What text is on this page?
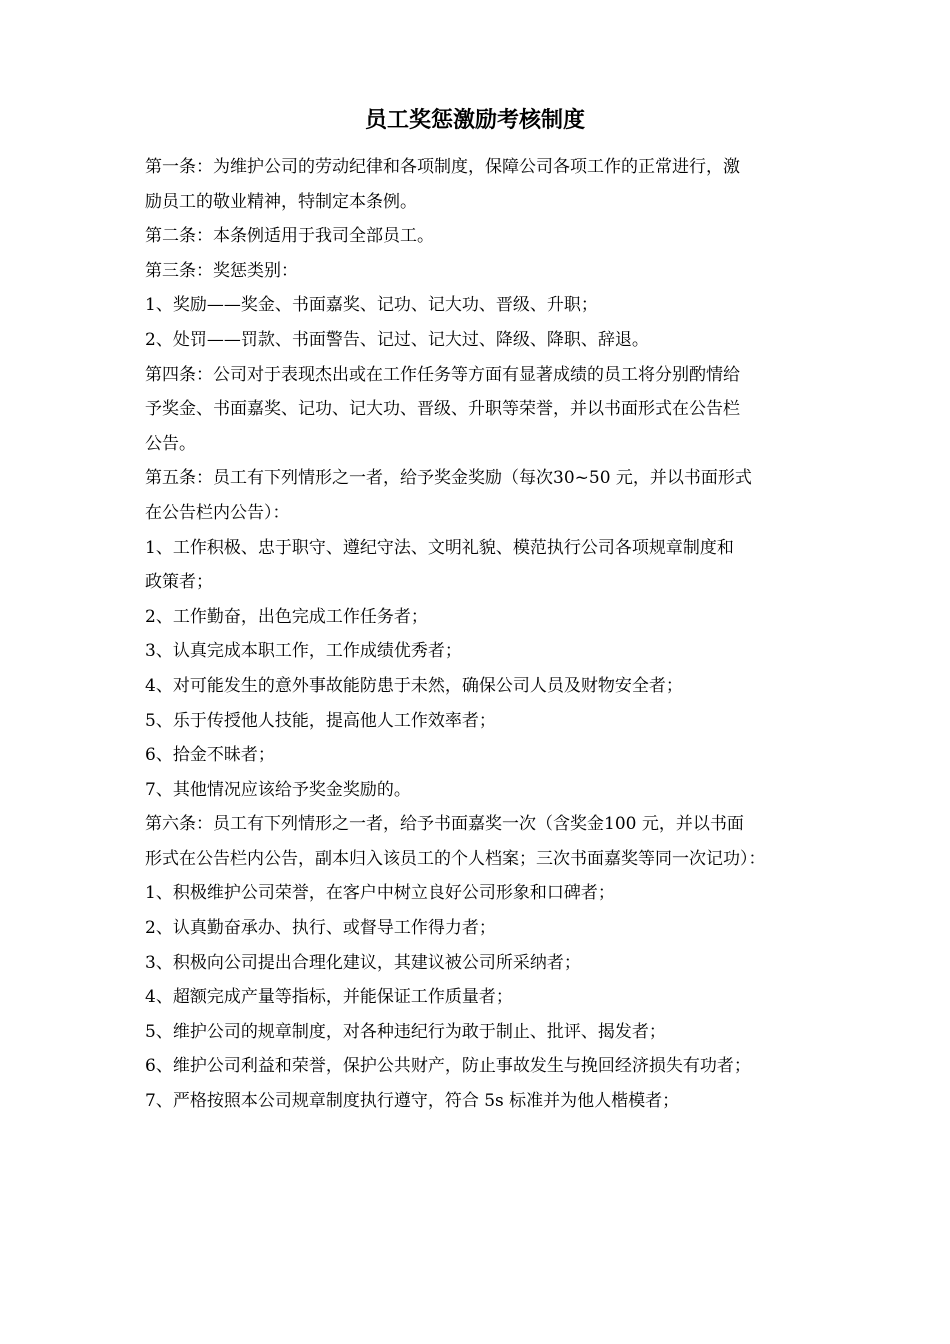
员工奖惩激励考核制度
第一条：为维护公司的劳动纪律和各项制度，保障公司各项工作的正常进行，激
励员工的敬业精神，特制定本条例。
第二条：本条例适用于我司全部员工。
第三条：奖惩类别：
1、奖励——奖金、书面嘉奖、记功、记大功、晋级、升职；
2、处罚——罚款、书面警告、记过、记大过、降级、降职、辞退。
第四条：公司对于表现杰出或在工作任务等方面有显著成绩的员工将分别酌情给
予奖金、书面嘉奖、记功、记大功、晋级、升职等荣誉，并以书面形式在公告栏
公告。
第五条：员工有下列情形之一者，给予奖金奖励（每次30~50 元，并以书面形式
在公告栏内公告）：
1、工作积极、忠于职守、遵纪守法、文明礼貌、模范执行公司各项规章制度和
政策者；
2、工作勤奋，出色完成工作任务者；
3、认真完成本职工作，工作成绩优秀者；
4、对可能发生的意外事故能防患于未然，确保公司人员及财物安全者；
5、乐于传授他人技能，提高他人工作效率者；
6、拾金不昧者；
7、其他情况应该给予奖金奖励的。
第六条：员工有下列情形之一者，给予书面嘉奖一次（含奖金100 元，并以书面
形式在公告栏内公告，副本归入该员工的个人档案；三次书面嘉奖等同一次记功）：
1、积极维护公司荣誉，在客户中树立良好公司形象和口碑者；
2、认真勤奋承办、执行、或督导工作得力者；
3、积极向公司提出合理化建议，其建议被公司所采纳者；
4、超额完成产量等指标，并能保证工作质量者；
5、维护公司的规章制度，对各种违纪行为敢于制止、批评、揭发者；
6、维护公司利益和荣誉，保护公共财产，防止事故发生与挽回经济损失有功者；
7、严格按照本公司规章制度执行遵守，符合 5s 标准并为他人楷模者；
